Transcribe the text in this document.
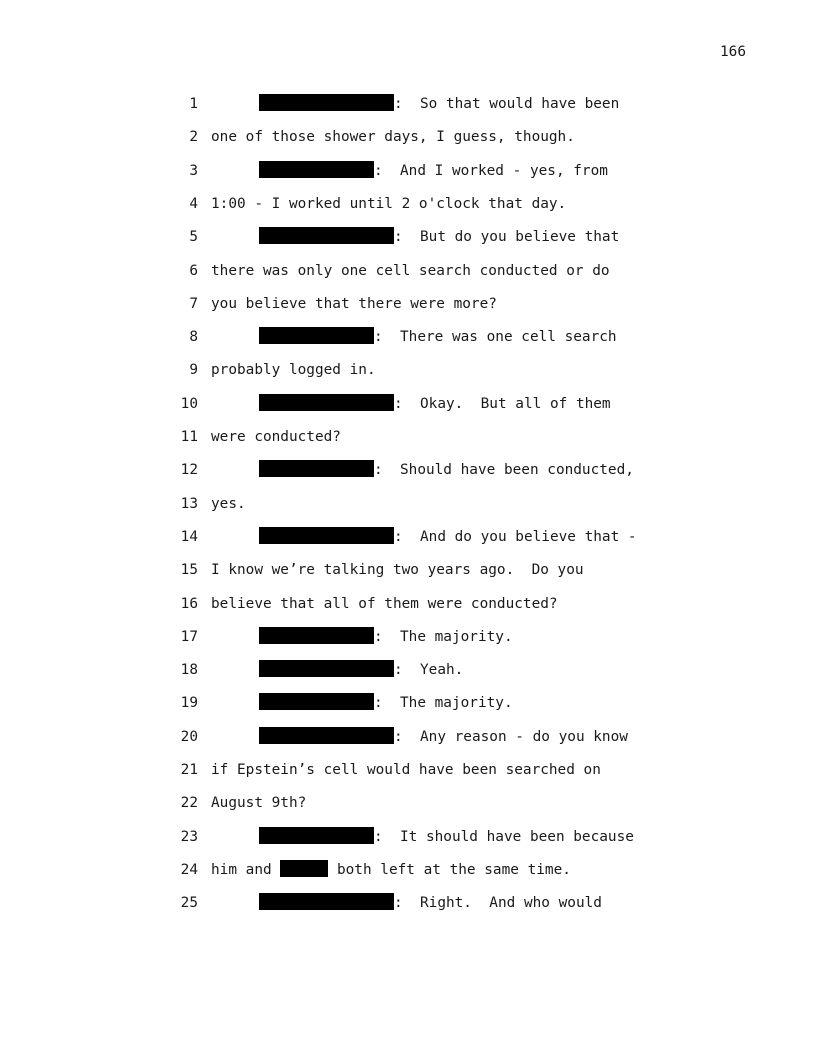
166
1	:  So that would have been
2 one of those shower days, I guess, though.
3	:  And I worked - yes, from
4 1:00 - I worked until 2 o'clock that day.
5	:  But do you believe that
6 there was only one cell search conducted or do
7 you believe that there were more?
8	:  There was one cell search
9 probably logged in.
10	:  Okay.  But all of them
11 were conducted?
12	:  Should have been conducted,
13 yes.
14	:  And do you believe that -
15 I know we’re talking two years ago.  Do you
16 believe that all of them were conducted?
17	:  The majority.
18	:  Yeah.
19	:  The majority.
20	:  Any reason - do you know
21 if Epstein’s cell would have been searched on
22 August 9th?
23	:  It should have been because
24 him and	both left at the same time.
25	:  Right.  And who would
